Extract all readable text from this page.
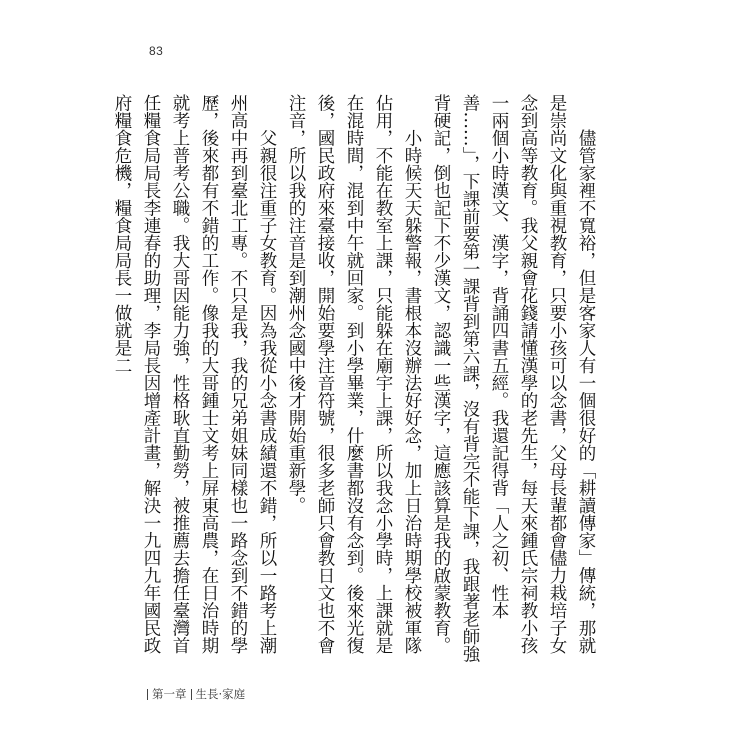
83

儘管家裡不寬裕，但是客家人有一個很好的「耕讀傳家」傳統，那就是崇尚文化與重視教育，只要小孩可以念書，父母長輩都會儘力栽培子女念到高等教育。我父親會花錢請懂漢學的老先生，每天來鍾氏宗祠教小孩一兩個小時漢文、漢字，背誦四書五經。我還記得背「人之初、性本善……」，下課前要第一課背到第六課，沒有背完不能下課，我跟著老師強背硬記，倒也記下不少漢文，認識一些漢字，這應該算是我的啟蒙教育。

小時候天天躲警報，書根本沒辦法好好念，加上日治時期學校被軍隊佔用，不能在教室上課，只能躲在廟宇上課，所以我念小學時，上課就是在混時間，混到中午就回家。到小學畢業，什麼書都沒有念到。後來光復後，國民政府來臺接收，開始要學注音符號，很多老師只會教日文也不會注音，所以我的注音是到潮州念國中後才開始重新學。

父親很注重子女教育。因為我從小念書成績還不錯，所以一路考上潮州高中再到臺北工專。不只是我，我的兄弟姐妹同樣也一路念到不錯的學歷，後來都有不錯的工作。像我的大哥鍾士文考上屏東高農，在日治時期就考上普考公職。我大哥因能力強，性格耿直勤勞，被推薦去擔任臺灣首任糧食局局長李連春的助理，李局長因增產計畫，解決一九四九年國民政府糧食危機，糧食局局長一做就是二

第一章 生長‧家庭
